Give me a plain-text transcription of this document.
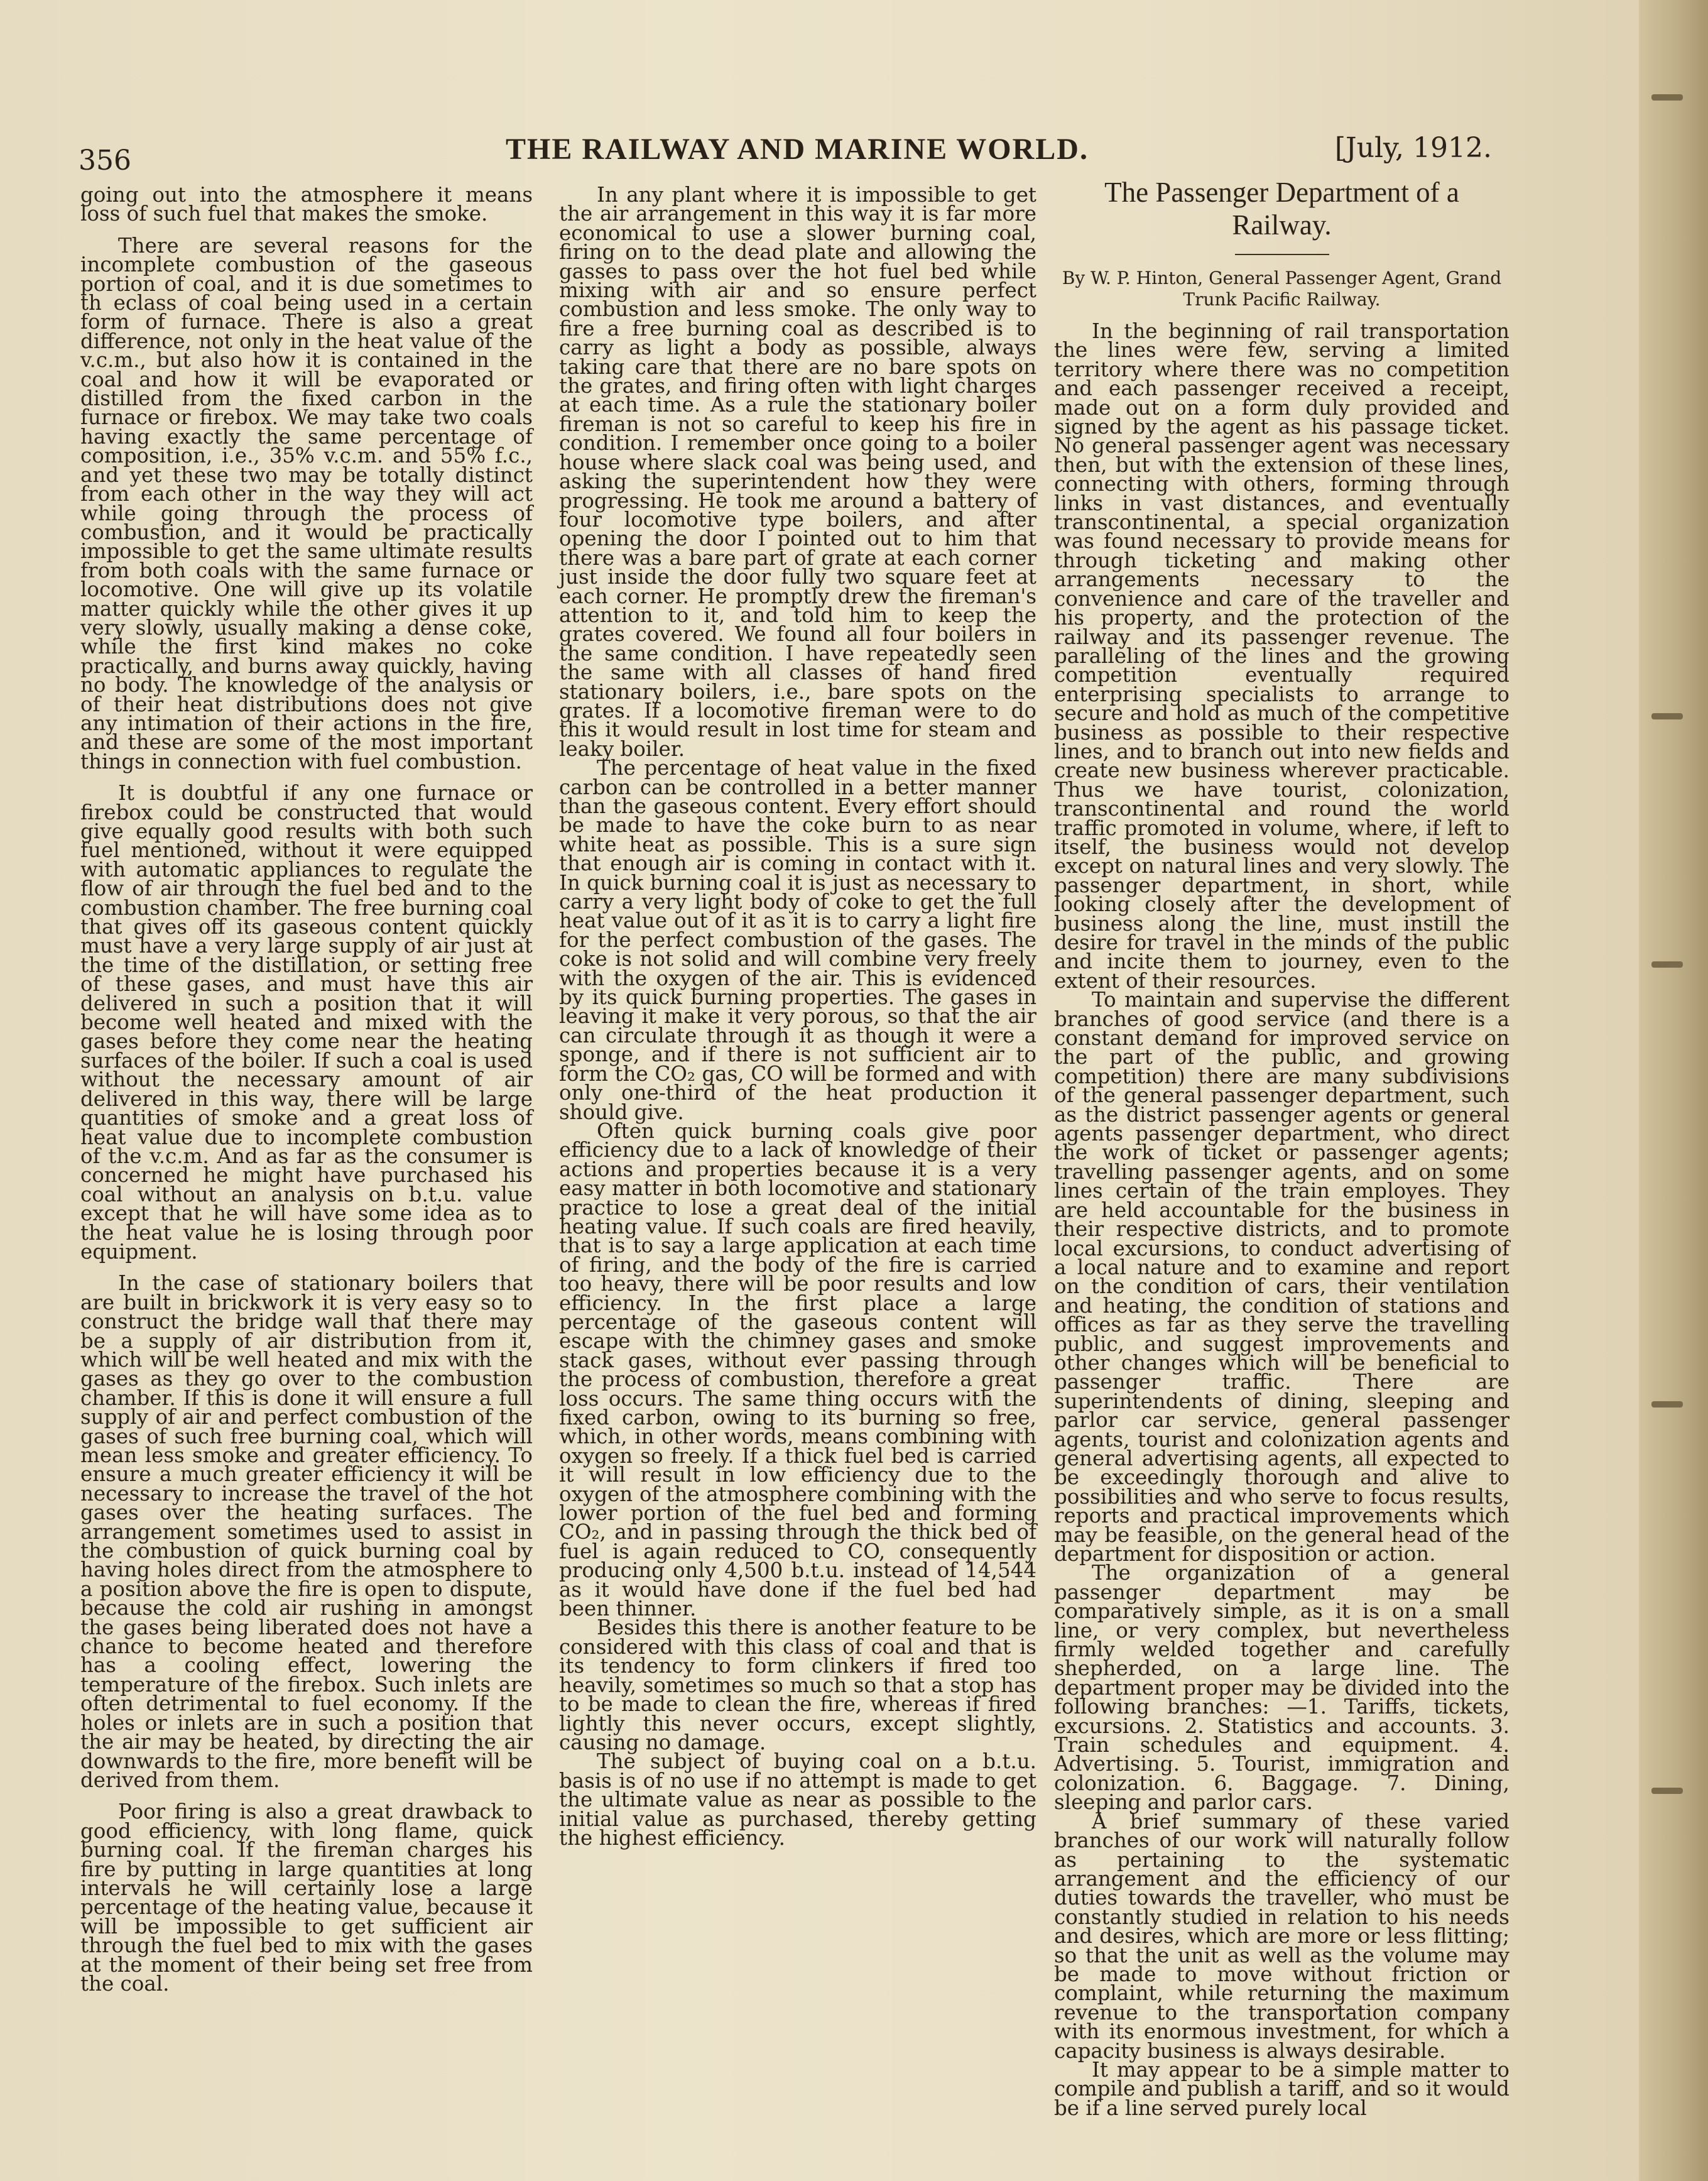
356	THE RAILWAY AND MARINE WORLD.	[July, 1912.

going out into the atmosphere it means loss of such fuel that makes the smoke.

There are several reasons for the incomplete combustion of the gaseous portion of coal, and it is due sometimes to th eclass of coal being used in a certain form of furnace. There is also a great difference, not only in the heat value of the v.c.m., but also how it is contained in the coal and how it will be evaporated or distilled from the fixed carbon in the furnace or firebox. We may take two coals having exactly the same percentage of composition, i.e., 35% v.c.m. and 55% f.c., and yet these two may be totally distinct from each other in the way they will act while going through the process of combustion, and it would be practically impossible to get the same ultimate results from both coals with the same furnace or locomotive. One will give up its volatile matter quickly while the other gives it up very slowly, usually making a dense coke, while the first kind makes no coke practically, and burns away quickly, having no body. The knowledge of the analysis or of their heat distributions does not give any intimation of their actions in the fire, and these are some of the most important things in connection with fuel combustion.

It is doubtful if any one furnace or firebox could be constructed that would give equally good results with both such fuel mentioned, without it were equipped with automatic appliances to regulate the flow of air through the fuel bed and to the combustion chamber. The free burning coal that gives off its gaseous content quickly must have a very large supply of air just at the time of the distillation, or setting free of these gases, and must have this air delivered in such a position that it will become well heated and mixed with the gases before they come near the heating surfaces of the boiler. If such a coal is used without the necessary amount of air delivered in this way, there will be large quantities of smoke and a great loss of heat value due to incomplete combustion of the v.c.m. And as far as the consumer is concerned he might have purchased his coal without an analysis on b.t.u. value except that he will have some idea as to the heat value he is losing through poor equipment.

In the case of stationary boilers that are built in brickwork it is very easy so to construct the bridge wall that there may be a supply of air distribution from it, which will be well heated and mix with the gases as they go over to the combustion chamber. If this is done it will ensure a full supply of air and perfect combustion of the gases of such free burning coal, which will mean less smoke and greater efficiency. To ensure a much greater efficiency it will be necessary to increase the travel of the hot gases over the heating surfaces. The arrangement sometimes used to assist in the combustion of quick burning coal by having holes direct from the atmosphere to a position above the fire is open to dispute, because the cold air rushing in amongst the gases being liberated does not have a chance to become heated and therefore has a cooling effect, lowering the temperature of the firebox. Such inlets are often detrimental to fuel economy. If the holes or inlets are in such a position that the air may be heated, by directing the air downwards to the fire, more benefit will be derived from them.

Poor firing is also a great drawback to good efficiency, with long flame, quick burning coal. If the fireman charges his fire by putting in large quantities at long intervals he will certainly lose a large percentage of the heating value, because it will be impossible to get sufficient air through the fuel bed to mix with the gases at the moment of their being set free from the coal.

In any plant where it is impossible to get the air arrangement in this way it is far more economical to use a slower burning coal, firing on to the dead plate and allowing the gasses to pass over the hot fuel bed while mixing with air and so ensure perfect combustion and less smoke. The only way to fire a free burning coal as described is to carry as light a body as possible, always taking care that there are no bare spots on the grates, and firing often with light charges at each time. As a rule the stationary boiler fireman is not so careful to keep his fire in condition. I remember once going to a boiler house where slack coal was being used, and asking the superintendent how they were progressing. He took me around a battery of four locomotive type boilers, and after opening the door I pointed out to him that there was a bare part of grate at each corner just inside the door fully two square feet at each corner. He promptly drew the fireman's attention to it, and told him to keep the grates covered. We found all four boilers in the same condition. I have repeatedly seen the same with all classes of hand fired stationary boilers, i.e., bare spots on the grates. If a locomotive fireman were to do this it would result in lost time for steam and leaky boiler.

The percentage of heat value in the fixed carbon can be controlled in a better manner than the gaseous content. Every effort should be made to have the coke burn to as near white heat as possible. This is a sure sign that enough air is coming in contact with it. In quick burning coal it is just as necessary to carry a very light body of coke to get the full heat value out of it as it is to carry a light fire for the perfect combustion of the gases. The coke is not solid and will combine very freely with the oxygen of the air. This is evidenced by its quick burning properties. The gases in leaving it make it very porous, so that the air can circulate through it as though it were a sponge, and if there is not sufficient air to form the CO₂ gas, CO will be formed and with only one-third of the heat production it should give.

Often quick burning coals give poor efficiency due to a lack of knowledge of their actions and properties because it is a very easy matter in both locomotive and stationary practice to lose a great deal of the initial heating value. If such coals are fired heavily, that is to say a large application at each time of firing, and the body of the fire is carried too heavy, there will be poor results and low efficiency. In the first place a large percentage of the gaseous content will escape with the chimney gases and smoke stack gases, without ever passing through the process of combustion, therefore a great loss occurs. The same thing occurs with the fixed carbon, owing to its burning so free, which, in other words, means combining with oxygen so freely. If a thick fuel bed is carried it will result in low efficiency due to the oxygen of the atmosphere combining with the lower portion of the fuel bed and forming CO₂, and in passing through the thick bed of fuel is again reduced to CO, consequently producing only 4,500 b.t.u. instead of 14,544 as it would have done if the fuel bed had been thinner.

Besides this there is another feature to be considered with this class of coal and that is its tendency to form clinkers if fired too heavily, sometimes so much so that a stop has to be made to clean the fire, whereas if fired lightly this never occurs, except slightly, causing no damage.

The subject of buying coal on a b.t.u. basis is of no use if no attempt is made to get the ultimate value as near as possible to the initial value as purchased, thereby getting the highest efficiency.

The Passenger Department of a Railway.
By W. P. Hinton, General Passenger Agent, Grand Trunk Pacific Railway.

In the beginning of rail transportation the lines were few, serving a limited territory where there was no competition and each passenger received a receipt, made out on a form duly provided and signed by the agent as his passage ticket. No general passenger agent was necessary then, but with the extension of these lines, connecting with others, forming through links in vast distances, and eventually transcontinental, a special organization was found necessary to provide means for through ticketing and making other arrangements necessary to the convenience and care of the traveller and his property, and the protection of the railway and its passenger revenue. The paralleling of the lines and the growing competition eventually required enterprising specialists to arrange to secure and hold as much of the competitive business as possible to their respective lines, and to branch out into new fields and create new business wherever practicable. Thus we have tourist, colonization, transcontinental and round the world traffic promoted in volume, where, if left to itself, the business would not develop except on natural lines and very slowly. The passenger department, in short, while looking closely after the development of business along the line, must instill the desire for travel in the minds of the public and incite them to journey, even to the extent of their resources.

To maintain and supervise the different branches of good service (and there is a constant demand for improved service on the part of the public, and growing competition) there are many subdivisions of the general passenger department, such as the district passenger agents or general agents passenger department, who direct the work of ticket or passenger agents; travelling passenger agents, and on some lines certain of the train employes. They are held accountable for the business in their respective districts, and to promote local excursions, to conduct advertising of a local nature and to examine and report on the condition of cars, their ventilation and heating, the condition of stations and offices as far as they serve the travelling public, and suggest improvements and other changes which will be beneficial to passenger traffic. There are superintendents of dining, sleeping and parlor car service, general passenger agents, tourist and colonization agents and general advertising agents, all expected to be exceedingly thorough and alive to possibilities and who serve to focus results, reports and practical improvements which may be feasible, on the general head of the department for disposition or action.

The organization of a general passenger department may be comparatively simple, as it is on a small line, or very complex, but nevertheless firmly welded together and carefully shepherded, on a large line. The department proper may be divided into the following branches: —1. Tariffs, tickets, excursions. 2. Statistics and accounts. 3. Train schedules and equipment. 4. Advertising. 5. Tourist, immigration and colonization. 6. Baggage. 7. Dining, sleeping and parlor cars.

A brief summary of these varied branches of our work will naturally follow as pertaining to the systematic arrangement and the efficiency of our duties towards the traveller, who must be constantly studied in relation to his needs and desires, which are more or less flitting; so that the unit as well as the volume may be made to move without friction or complaint, while returning the maximum revenue to the transportation company with its enormous investment, for which a capacity business is always desirable.

It may appear to be a simple matter to compile and publish a tariff, and so it would be if a line served purely local
